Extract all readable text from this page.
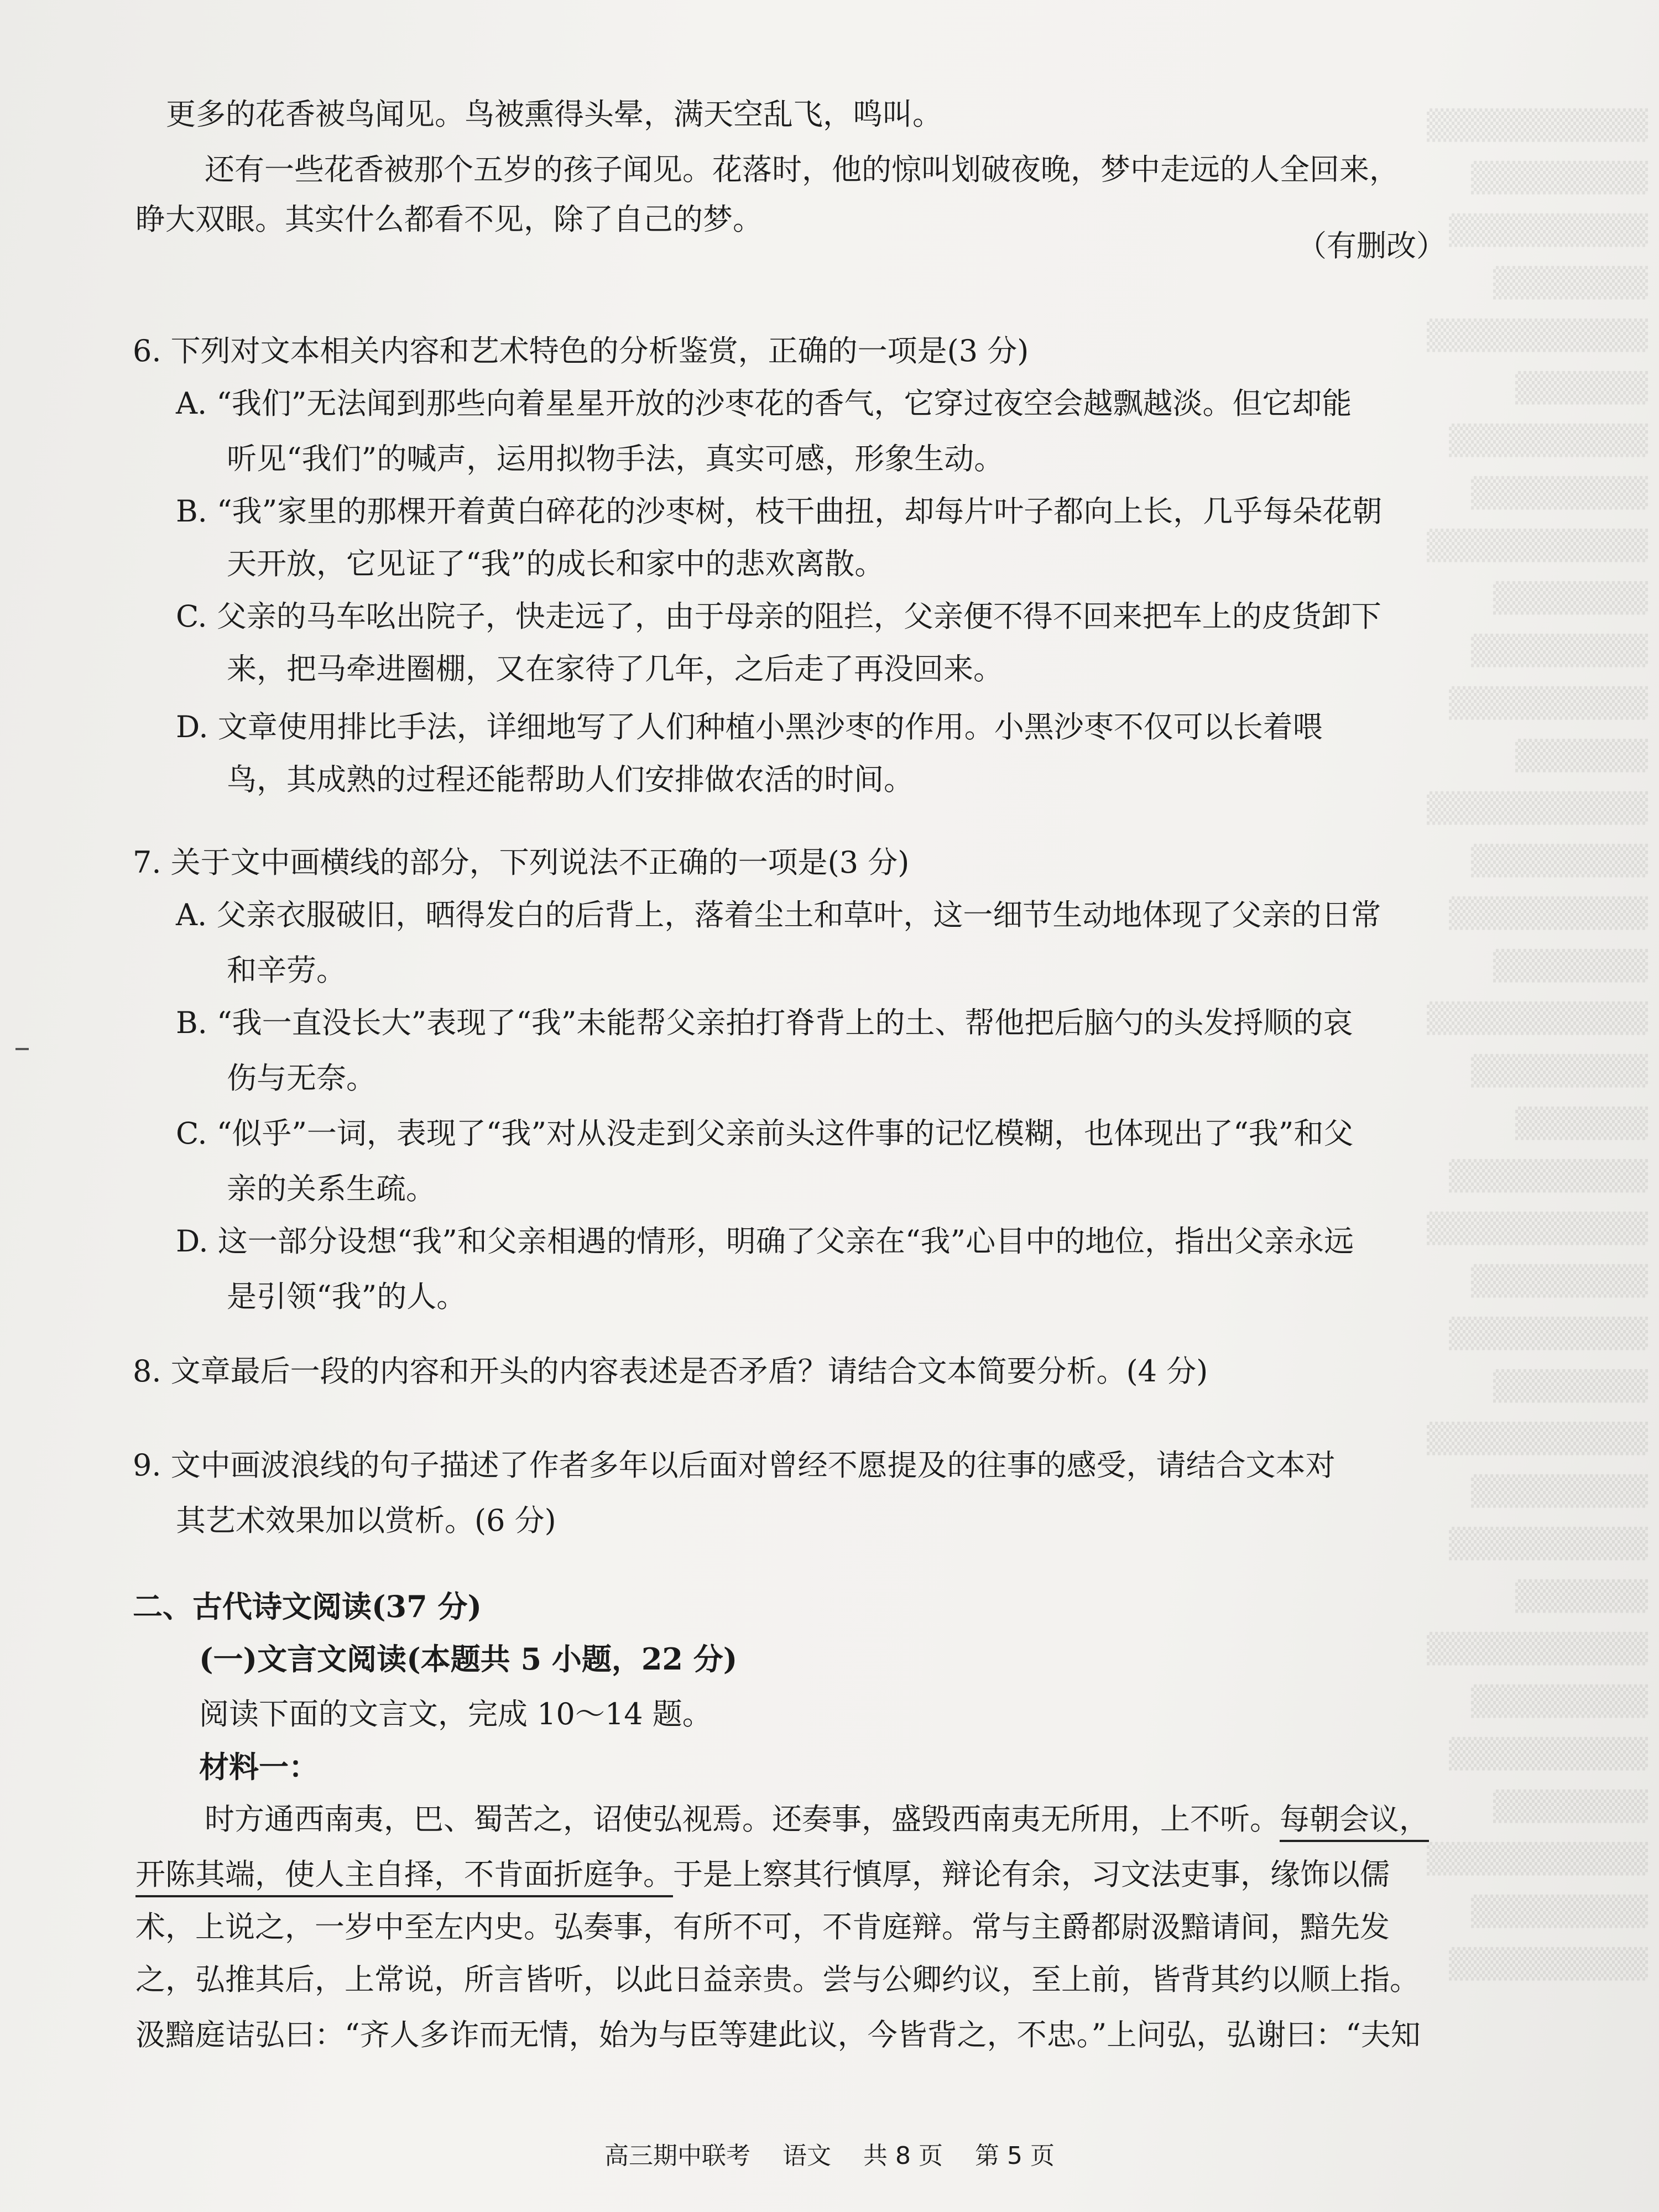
▒▒▒▒▒▒▒▒▒▒
▒▒▒▒▒▒▒▒
▒▒▒▒▒▒▒▒▒
▒▒▒▒▒▒▒
▒▒▒▒▒▒▒▒▒▒
▒▒▒▒▒▒
▒▒▒▒▒▒▒▒▒
▒▒▒▒▒▒▒▒
▒▒▒▒▒▒▒▒▒▒
▒▒▒▒▒▒▒
▒▒▒▒▒▒▒▒
▒▒▒▒▒▒▒▒▒
▒▒▒▒▒▒
▒▒▒▒▒▒▒▒▒▒
▒▒▒▒▒▒▒▒
▒▒▒▒▒▒▒▒▒
▒▒▒▒▒▒▒
▒▒▒▒▒▒▒▒▒▒
▒▒▒▒▒▒▒▒
▒▒▒▒▒▒
▒▒▒▒▒▒▒▒▒
▒▒▒▒▒▒▒▒▒▒
▒▒▒▒▒▒▒▒
▒▒▒▒▒▒▒▒▒
▒▒▒▒▒▒▒
▒▒▒▒▒▒▒▒▒▒
▒▒▒▒▒▒▒▒
▒▒▒▒▒▒▒▒▒
▒▒▒▒▒▒
▒▒▒▒▒▒▒▒▒▒
▒▒▒▒▒▒▒▒
▒▒▒▒▒▒▒▒▒
▒▒▒▒▒▒▒
▒▒▒▒▒▒▒▒▒▒
▒▒▒▒▒▒▒▒
▒▒▒▒▒▒▒▒▒
更多的花香被鸟闻见。鸟被熏得头晕，满天空乱飞，鸣叫。
还有一些花香被那个五岁的孩子闻见。花落时，他的惊叫划破夜晚，梦中走远的人全回来，
睁大双眼。其实什么都看不见，除了自己的梦。
（有删改）
6. 下列对文本相关内容和艺术特色的分析鉴赏，正确的一项是(3 分)
A. “我们”无法闻到那些向着星星开放的沙枣花的香气，它穿过夜空会越飘越淡。但它却能
听见“我们”的喊声，运用拟物手法，真实可感，形象生动。
B. “我”家里的那棵开着黄白碎花的沙枣树，枝干曲扭，却每片叶子都向上长，几乎每朵花朝
天开放，它见证了“我”的成长和家中的悲欢离散。
C. 父亲的马车吆出院子，快走远了，由于母亲的阻拦，父亲便不得不回来把车上的皮货卸下
来，把马牵进圈棚，又在家待了几年，之后走了再没回来。
D. 文章使用排比手法，详细地写了人们种植小黑沙枣的作用。小黑沙枣不仅可以长着喂
鸟，其成熟的过程还能帮助人们安排做农活的时间。
7. 关于文中画横线的部分，下列说法不正确的一项是(3 分)
A. 父亲衣服破旧，晒得发白的后背上，落着尘土和草叶，这一细节生动地体现了父亲的日常
和辛劳。
B. “我一直没长大”表现了“我”未能帮父亲拍打脊背上的土、帮他把后脑勺的头发捋顺的哀
伤与无奈。
C. “似乎”一词，表现了“我”对从没走到父亲前头这件事的记忆模糊，也体现出了“我”和父
亲的关系生疏。
D. 这一部分设想“我”和父亲相遇的情形，明确了父亲在“我”心目中的地位，指出父亲永远
是引领“我”的人。
8. 文章最后一段的内容和开头的内容表述是否矛盾？请结合文本简要分析。(4 分)
9. 文中画波浪线的句子描述了作者多年以后面对曾经不愿提及的往事的感受，请结合文本对
其艺术效果加以赏析。(6 分)
二、古代诗文阅读(37 分)
(一)文言文阅读(本题共 5 小题，22 分)
阅读下面的文言文，完成 10～14 题。
材料一：
时方通西南夷，巴、蜀苦之，诏使弘视焉。还奏事，盛毁西南夷无所用，上不听。每朝会议，
开陈其端，使人主自择，不肯面折庭争。于是上察其行慎厚，辩论有余，习文法吏事，缘饰以儒
术，上说之，一岁中至左内史。弘奏事，有所不可，不肯庭辩。常与主爵都尉汲黯请间，黯先发
之，弘推其后，上常说，所言皆听，以此日益亲贵。尝与公卿约议，至上前，皆背其约以顺上指。
汲黯庭诘弘曰：“齐人多诈而无情，始为与臣等建此议，今皆背之，不忠。”上问弘，弘谢曰：“夫知
高三期中联考 语文 共 8 页 第 5 页
